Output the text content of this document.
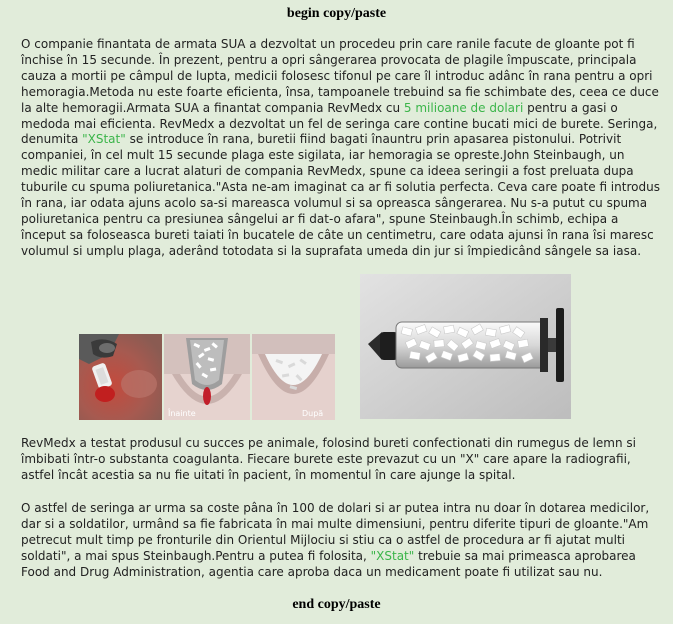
begin copy/paste

O companie finantata de armata SUA a dezvoltat un procedeu prin care ranile facute de gloante pot fi închise în 15 secunde. În prezent, pentru a opri sângerarea provocata de plagile împuscate, principala cauza a mortii pe câmpul de lupta, medicii folosesc tifonul pe care îl introduc adânc în rana pentru a opri hemoragia.Metoda nu este foarte eficienta, însa, tampoanele trebuind sa fie schimbate des, ceea ce duce la alte hemoragii.Armata SUA a finantat compania RevMedx cu 5 milioane de dolari pentru a gasi o medoda mai eficienta. RevMedx a dezvoltat un fel de seringa care contine bucati mici de burete. Seringa, denumita "XStat" se introduce în rana, buretii fiind bagati înauntru prin apasarea pistonului. Potrivit companiei, în cel mult 15 secunde plaga este sigilata, iar hemoragia se opreste.John Steinbaugh, un medic militar care a lucrat alaturi de compania RevMedx, spune ca ideea seringii a fost preluata dupa tuburile cu spuma poliuretanica."Asta ne-am imaginat ca ar fi solutia perfecta. Ceva care poate fi introdus în rana, iar odata ajuns acolo sa-si mareasca volumul si sa opreasca sângerarea. Nu s-a putut cu spuma poliuretanica pentru ca presiunea sângelui ar fi dat-o afara", spune Steinbaugh.În schimb, echipa a început sa foloseasca bureti taiati în bucatele de câte un centimetru, care odata ajunsi în rana îsi maresc volumul si umplu plaga, aderând totodata si la suprafata umeda din jur si împiedicând sângele sa iasa.

Înainte	După

RevMedx a testat produsul cu succes pe animale, folosind bureti confectionati din rumegus de lemn si îmbibati într-o substanta coagulanta. Fiecare burete este prevazut cu un "X" care apare la radiografii, astfel încât acestia sa nu fie uitati în pacient, în momentul în care ajunge la spital.

O astfel de seringa ar urma sa coste pâna în 100 de dolari si ar putea intra nu doar în dotarea medicilor, dar si a soldatilor, urmând sa fie fabricata în mai multe dimensiuni, pentru diferite tipuri de gloante."Am petrecut mult timp pe fronturile din Orientul Mijlociu si stiu ca o astfel de procedura ar fi ajutat multi soldati", a mai spus Steinbaugh.Pentru a putea fi folosita, "XStat" trebuie sa mai primeasca aprobarea Food and Drug Administration, agentia care aproba daca un medicament poate fi utilizat sau nu.

end copy/paste
